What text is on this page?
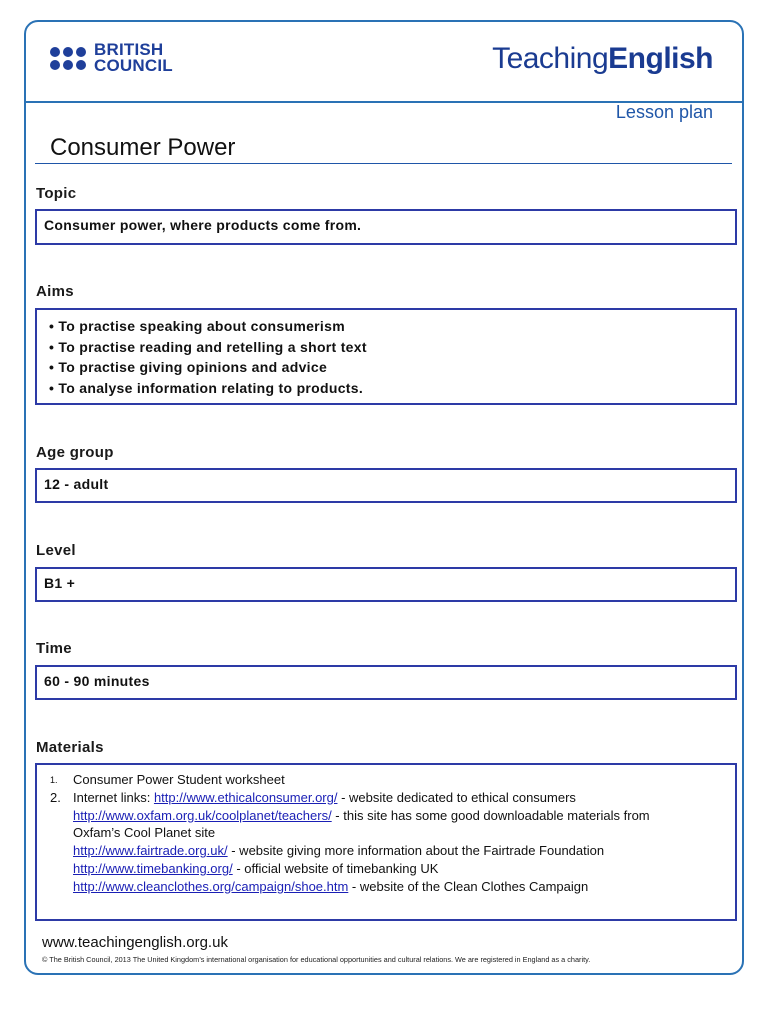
BRITISH
COUNCIL	TeachingEnglish
Lesson plan
Consumer Power
Topic
Consumer power, where products come from.
Aims
• To practise speaking about consumerism
• To practise reading and retelling a short text
• To practise giving opinions and advice
• To analyse information relating to products.
Age group
12 - adult
Level
B1 +
Time
60 - 90 minutes
Materials
1. Consumer Power Student worksheet
2. Internet links: http://www.ethicalconsumer.org/ - website dedicated to ethical consumers
http://www.oxfam.org.uk/coolplanet/teachers/ - this site has some good downloadable materials from
Oxfam’s Cool Planet site
http://www.fairtrade.org.uk/ - website giving more information about the Fairtrade Foundation
http://www.timebanking.org/ - official website of timebanking UK
http://www.cleanclothes.org/campaign/shoe.htm - website of the Clean Clothes Campaign
www.teachingenglish.org.uk
© The British Council, 2013 The United Kingdom’s international organisation for educational opportunities and cultural relations. We are registered in England as a charity.
